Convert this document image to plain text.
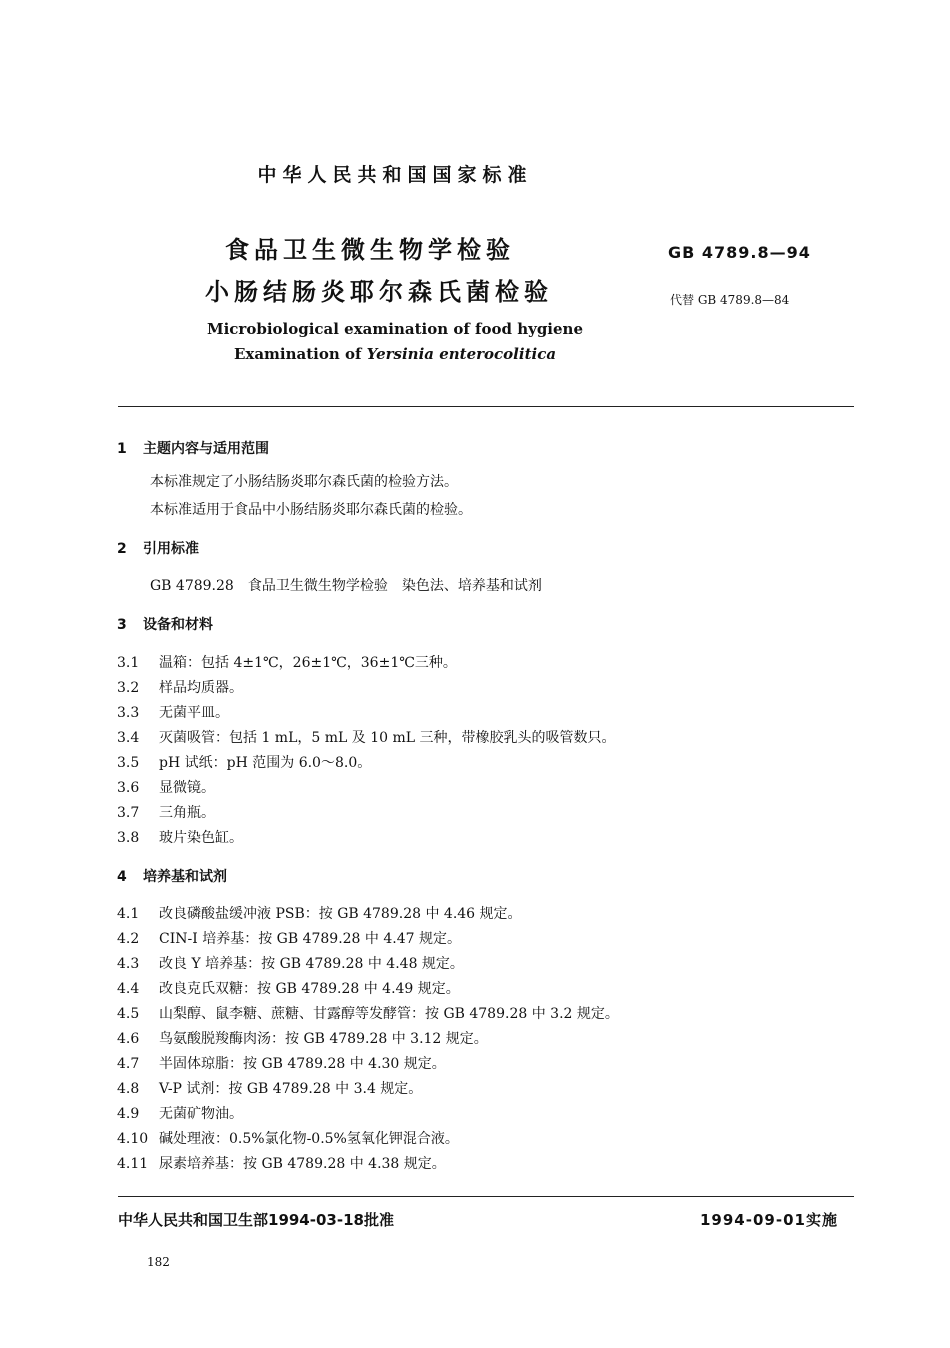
中华人民共和国国家标准
食品卫生微生物学检验
小肠结肠炎耶尔森氏菌检验
GB 4789.8—94
代替 GB 4789.8—84
Microbiological examination of food hygiene
Examination of Yersinia enterocolitica
1 主题内容与适用范围
本标准规定了小肠结肠炎耶尔森氏菌的检验方法。
本标准适用于食品中小肠结肠炎耶尔森氏菌的检验。
2 引用标准
GB 4789.28　食品卫生微生物学检验　染色法、培养基和试剂
3 设备和材料
3.1 温箱：包括 4±1℃，26±1℃，36±1℃三种。
3.2 样品均质器。
3.3 无菌平皿。
3.4 灭菌吸管：包括 1 mL，5 mL 及 10 mL 三种，带橡胶乳头的吸管数只。
3.5 pH 试纸：pH 范围为 6.0～8.0。
3.6 显微镜。
3.7 三角瓶。
3.8 玻片染色缸。
4 培养基和试剂
4.1 改良磷酸盐缓冲液 PSB：按 GB 4789.28 中 4.46 规定。
4.2 CIN-I 培养基：按 GB 4789.28 中 4.47 规定。
4.3 改良 Y 培养基：按 GB 4789.28 中 4.48 规定。
4.4 改良克氏双糖：按 GB 4789.28 中 4.49 规定。
4.5 山梨醇、鼠李糖、蔗糖、甘露醇等发酵管：按 GB 4789.28 中 3.2 规定。
4.6 鸟氨酸脱羧酶肉汤：按 GB 4789.28 中 3.12 规定。
4.7 半固体琼脂：按 GB 4789.28 中 4.30 规定。
4.8 V-P 试剂：按 GB 4789.28 中 3.4 规定。
4.9 无菌矿物油。
4.10 碱处理液：0.5%氯化物-0.5%氢氧化钾混合液。
4.11 尿素培养基：按 GB 4789.28 中 4.38 规定。
中华人民共和国卫生部1994-03-18批准	1994-09-01实施
182
